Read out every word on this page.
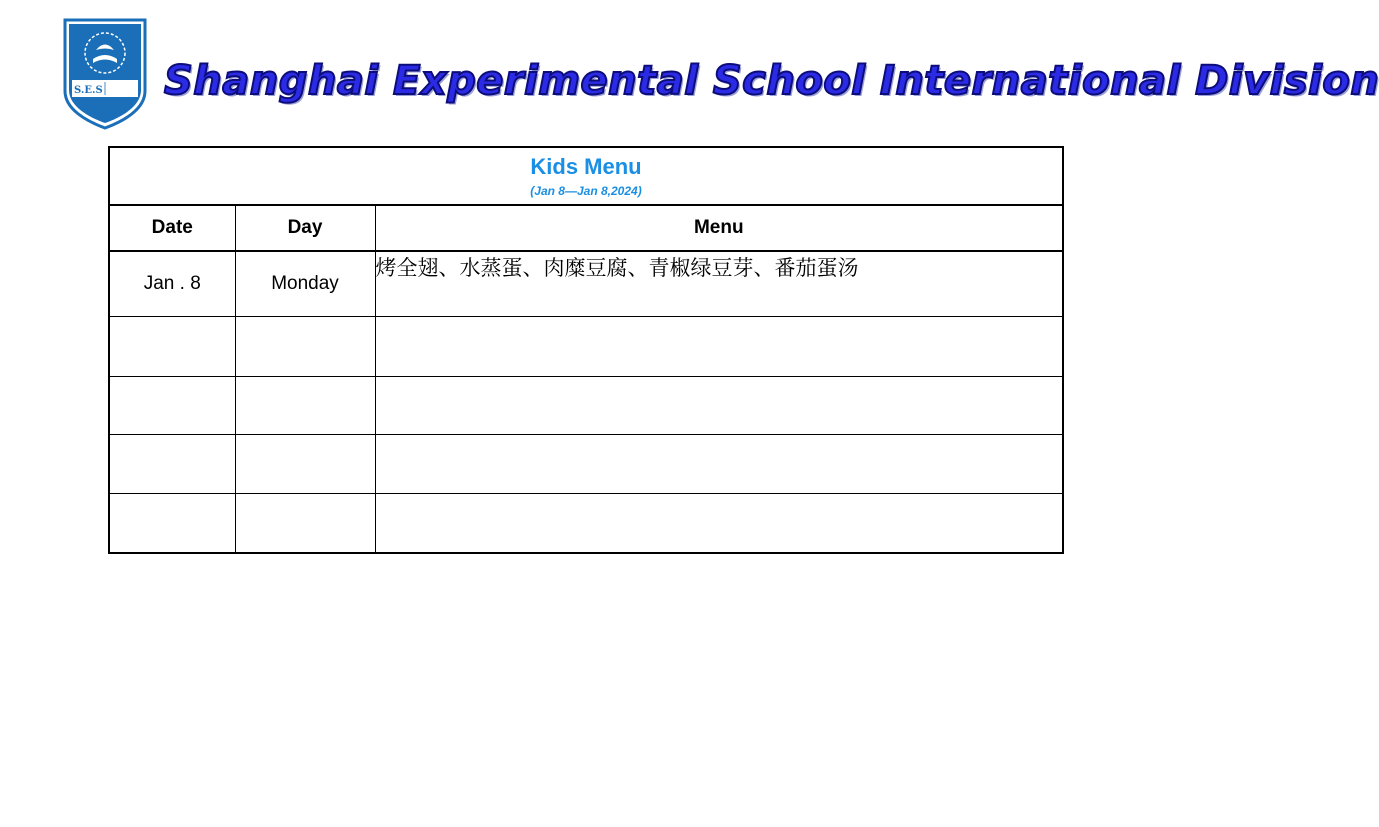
S.E.S Shanghai Experimental School International Division
Kids Menu
(Jan 8—Jan 8,2024)		

Date	Day	Menu
Jan . 8	Monday	烤全翅、水蒸蛋、肉糜豆腐、青椒绿豆芽、番茄蛋汤
